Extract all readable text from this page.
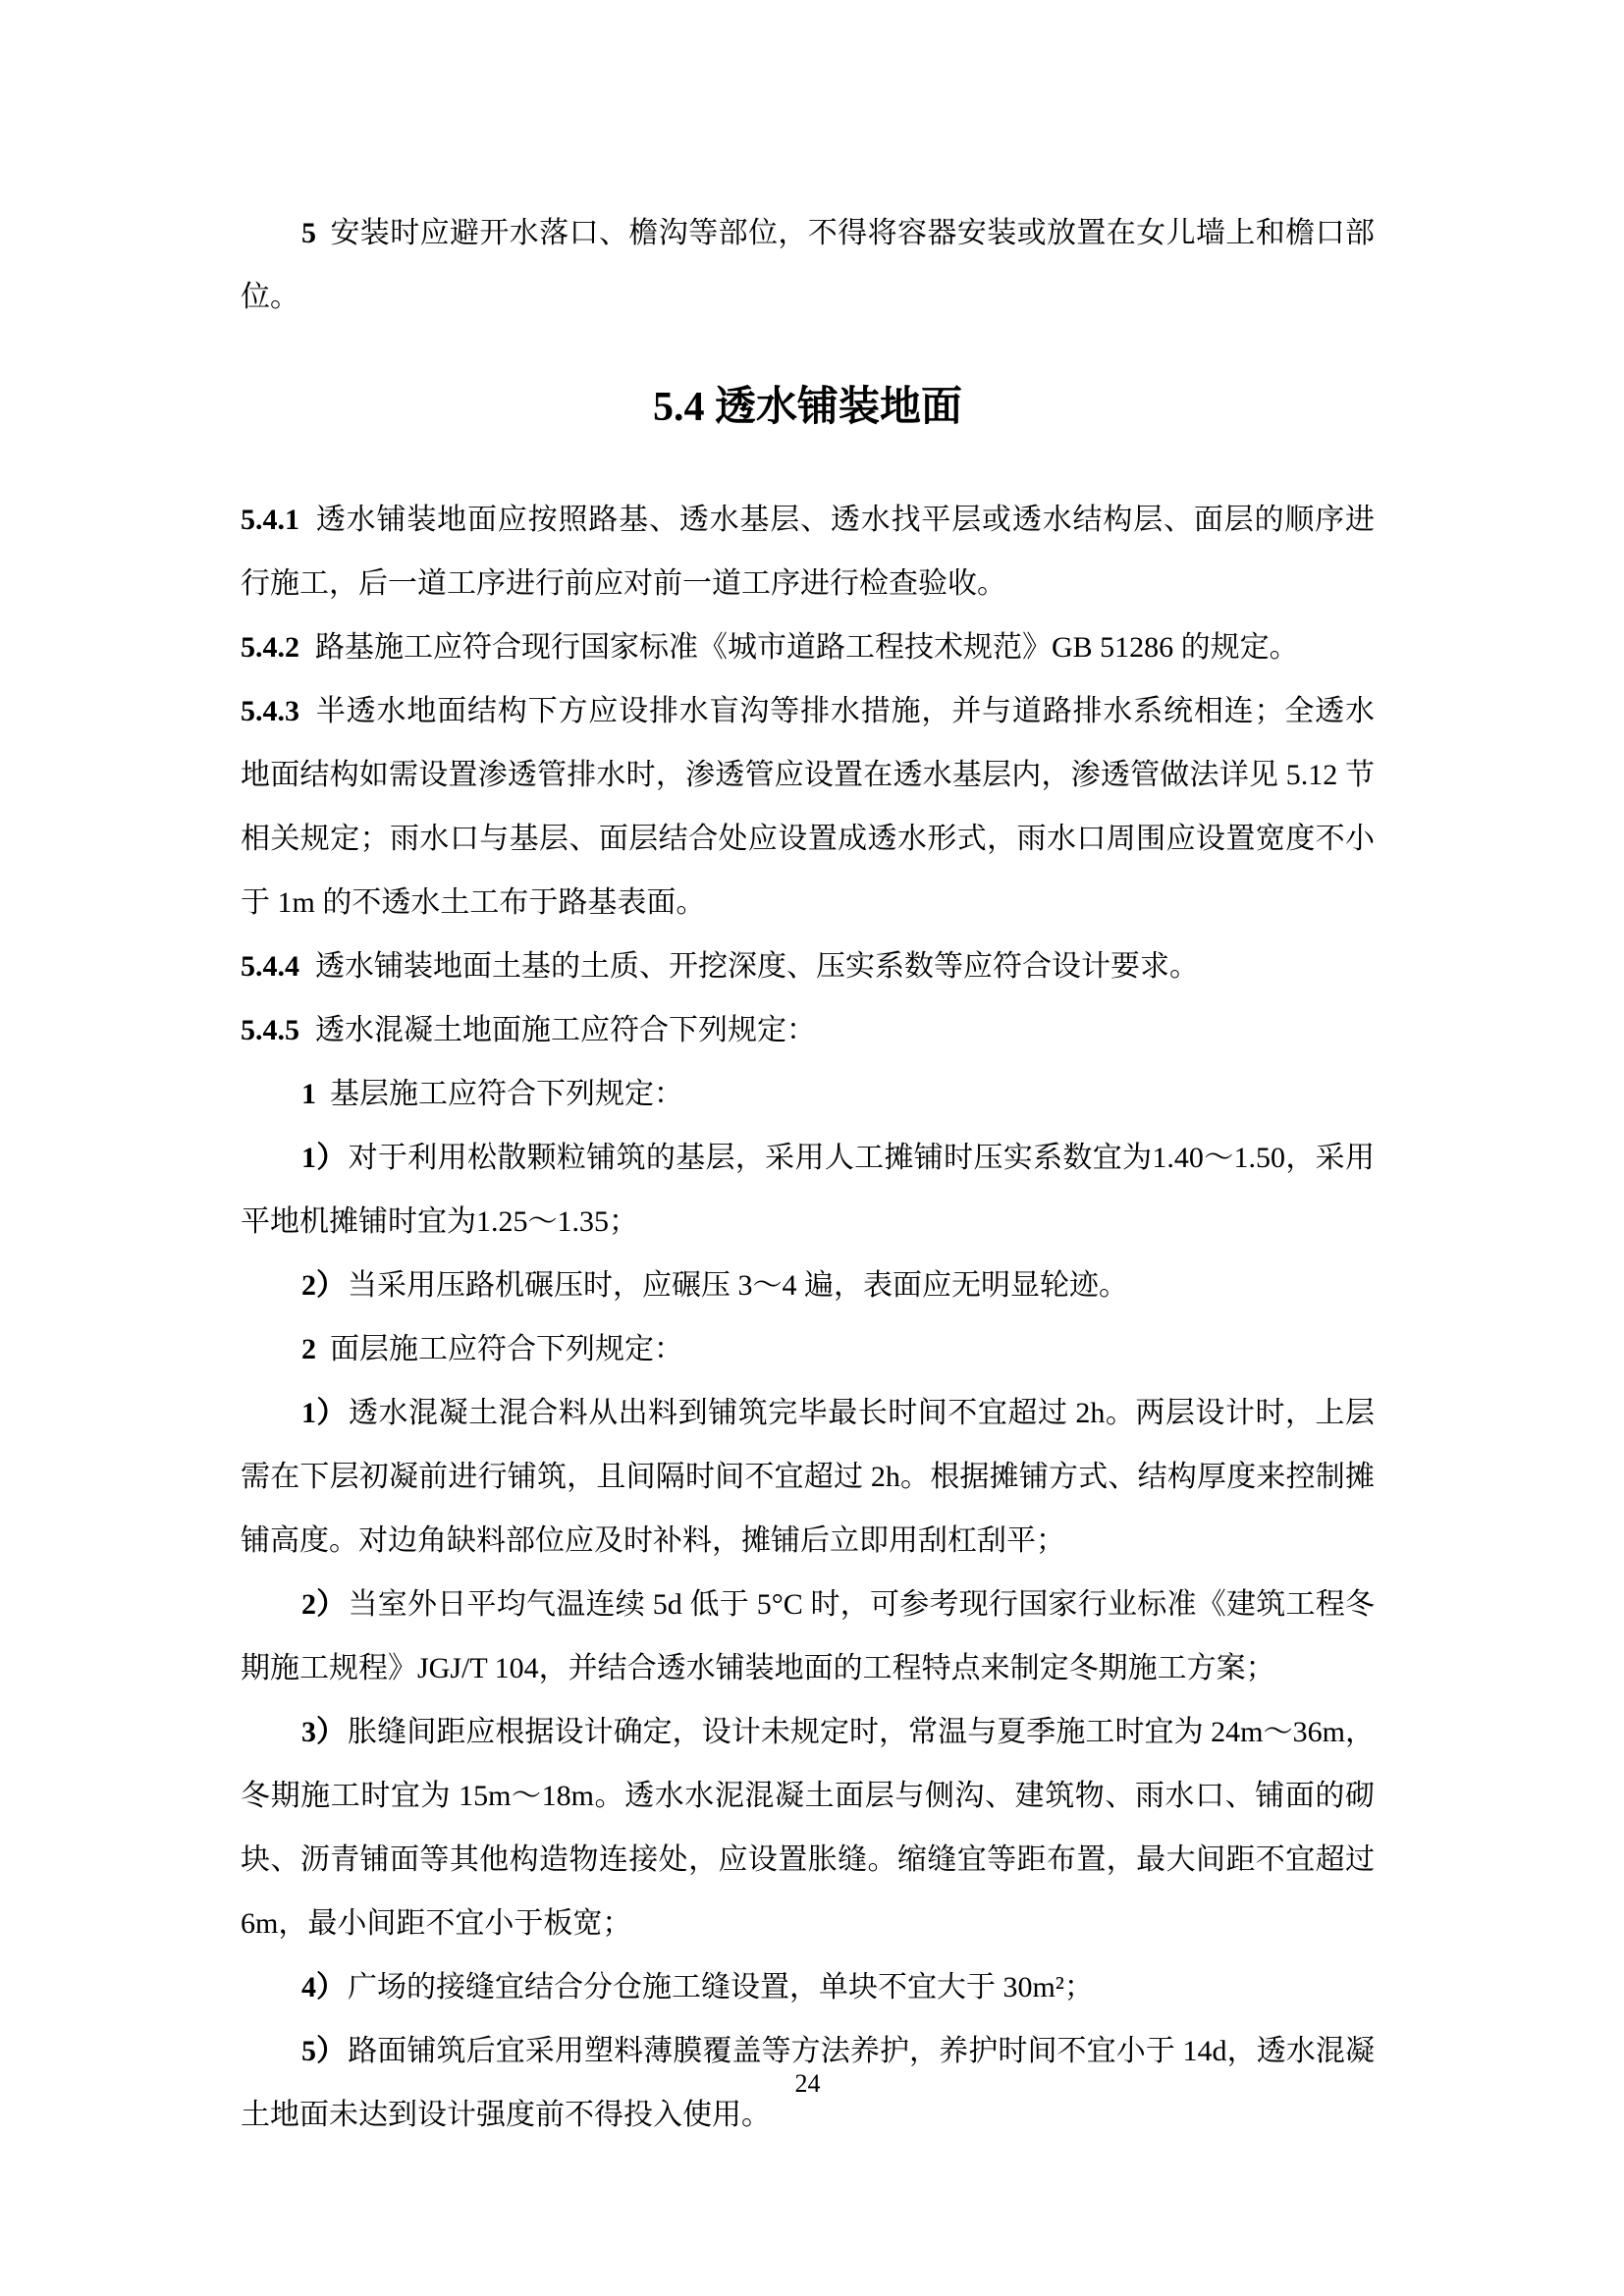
5 安装时应避开水落口、檐沟等部位，不得将容器安装或放置在女儿墙上和檐口部位。

5.4 透水铺装地面

5.4.1 透水铺装地面应按照路基、透水基层、透水找平层或透水结构层、面层的顺序进行施工，后一道工序进行前应对前一道工序进行检查验收。

5.4.2 路基施工应符合现行国家标准《城市道路工程技术规范》GB 51286 的规定。

5.4.3 半透水地面结构下方应设排水盲沟等排水措施，并与道路排水系统相连；全透水地面结构如需设置渗透管排水时，渗透管应设置在透水基层内，渗透管做法详见 5.12 节相关规定；雨水口与基层、面层结合处应设置成透水形式，雨水口周围应设置宽度不小于 1m 的不透水土工布于路基表面。

5.4.4 透水铺装地面土基的土质、开挖深度、压实系数等应符合设计要求。

5.4.5 透水混凝土地面施工应符合下列规定：

1 基层施工应符合下列规定：

1）对于利用松散颗粒铺筑的基层，采用人工摊铺时压实系数宜为1.40～1.50，采用平地机摊铺时宜为1.25～1.35；

2）当采用压路机碾压时，应碾压 3～4 遍，表面应无明显轮迹。

2 面层施工应符合下列规定：

1）透水混凝土混合料从出料到铺筑完毕最长时间不宜超过 2h。两层设计时，上层需在下层初凝前进行铺筑，且间隔时间不宜超过 2h。根据摊铺方式、结构厚度来控制摊铺高度。对边角缺料部位应及时补料，摊铺后立即用刮杠刮平；

2）当室外日平均气温连续 5d 低于 5°C 时，可参考现行国家行业标准《建筑工程冬期施工规程》JGJ/T 104，并结合透水铺装地面的工程特点来制定冬期施工方案；

3）胀缝间距应根据设计确定，设计未规定时，常温与夏季施工时宜为 24m～36m，冬期施工时宜为 15m～18m。透水水泥混凝土面层与侧沟、建筑物、雨水口、铺面的砌块、沥青铺面等其他构造物连接处，应设置胀缝。缩缝宜等距布置，最大间距不宜超过 6m，最小间距不宜小于板宽；

4）广场的接缝宜结合分仓施工缝设置，单块不宜大于 30m²；

5）路面铺筑后宜采用塑料薄膜覆盖等方法养护，养护时间不宜小于 14d，透水混凝土地面未达到设计强度前不得投入使用。

24
